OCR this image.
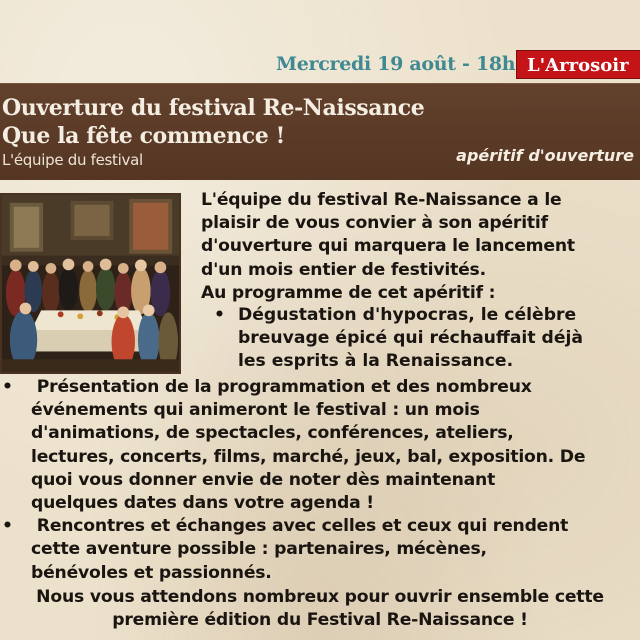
Mercredi 19 août - 18h L'Arrosoir
Ouverture du festival Re-Naissance
Que la fête commence !
L'équipe du festival	apéritif d'ouverture

L'équipe du festival Re-Naissance a le
plaisir de vous convier à son apéritif
d'ouverture qui marquera le lancement
d'un mois entier de festivités.
Au programme de cet apéritif :

• Dégustation d'hypocras, le célèbre
breuvage épicé qui réchauffait déjà
les esprits à la Renaissance.
• Présentation de la programmation et des nombreux
événements qui animeront le festival : un mois
d'animations, de spectacles, conférences, ateliers,
lectures, concerts, films, marché, jeux, bal, exposition. De
quoi vous donner envie de noter dès maintenant
quelques dates dans votre agenda !
• Rencontres et échanges avec celles et ceux qui rendent
cette aventure possible : partenaires, mécènes,
bénévoles et passionnés.
Nous vous attendons nombreux pour ouvrir ensemble cette
première édition du Festival Re-Naissance !
